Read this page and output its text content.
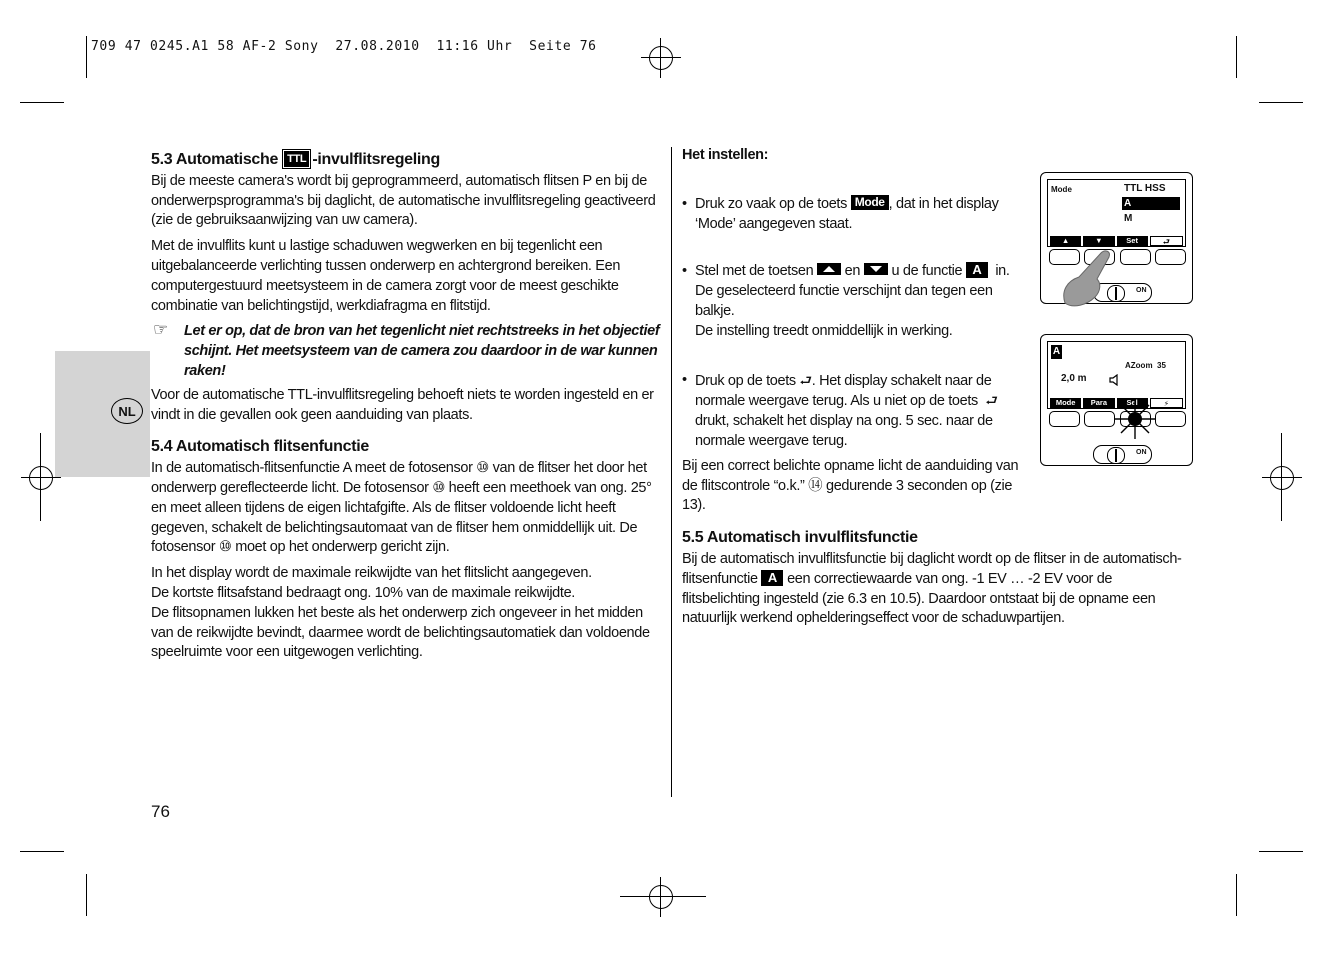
709 47 0245.A1 58 AF-2 Sony  27.08.2010  11:16 Uhr  Seite 76
NL
5.3 Automatische TTL -invulflitsregeling

Bij de meeste camera's wordt bij geprogrammeerd, automatisch flitsen P en bij de onderwerpsprogramma's bij daglicht, de automatische invulflitsregeling geactiveerd (zie de gebruiksaanwijzing van uw camera).

Met de invulflits kunt u lastige schaduwen wegwerken en bij tegenlicht een uitgebalanceerde verlichting tussen onderwerp en achtergrond bereiken. Een computergestuurd meetsysteem in de camera zorgt voor de meest geschikte combinatie van belichtingstijd, werkdiafragma en flitstijd.

☞ Let er op, dat de bron van het tegenlicht niet rechtstreeks in het objectief schijnt. Het meetsysteem van de camera zou daardoor in de war kunnen raken!

Voor de automatische TTL-invulflitsregeling behoeft niets te worden ingesteld en er vindt in die gevallen ook geen aanduiding van plaats.

5.4 Automatisch flitsenfunctie

In de automatisch-flitsenfunctie A meet de fotosensor ⑩ van de flitser het door het onderwerp gereflecteerde licht. De fotosensor ⑩ heeft een meethoek van ong. 25° en meet alleen tijdens de eigen lichtafgifte. Als de flitser voldoende licht heeft gegeven, schakelt de belichtingsautomaat van de flitser hem onmiddellijk uit. De fotosensor ⑩ moet op het onderwerp gericht zijn.

In het display wordt de maximale reikwijdte van het flitslicht aangegeven.

De kortste flitsafstand bedraagt ong. 10% van de maximale reikwijdte.

De flitsopnamen lukken het beste als het onderwerp zich ongeveer in het midden van de reikwijdte bevindt, daarmee wordt de belichtingsautomatiek dan voldoende speelruimte voor een uitgewogen verlichting.

76
Het instellen:

• Druk zo vaak op de toets Mode , dat in het display ‘Mode’ aangegeven staat.

• Stel met de toetsen en u de functie A in.
De geselecteerd functie verschijnt dan tegen een balkje.
De instelling treedt onmiddellijk in werking.

• Druk op de toets ⮐. Het display schakelt naar de
normale weergave terug. Als u niet op de toets ⮐
drukt, schakelt het display na ong. 5 sec. naar de
normale weergave terug.

Bij een correct belichte opname licht de aanduiding van de flitscontrole “o.k.” ⑭ gedurende 3 seconden op (zie 13).

5.5 Automatisch invulflitsfunctie

Bij de automatisch invulflitsfunctie bij daglicht wordt op de flitser in de automatisch-flitsenfunctie A een correctiewaarde van ong. -1 EV … -2 EV voor de flitsbelichting ingesteld (zie 6.3 en 10.5). Daardoor ontstaat bij de opname een natuurlijk werkend ophelderingseffect voor de schaduwpartijen.

Mode	TTL HSS
A
M
▲	▼	Set	⮐
ON
A
AZoom  35
2,0 m
Mode	Para	Sel	⚡
ON
